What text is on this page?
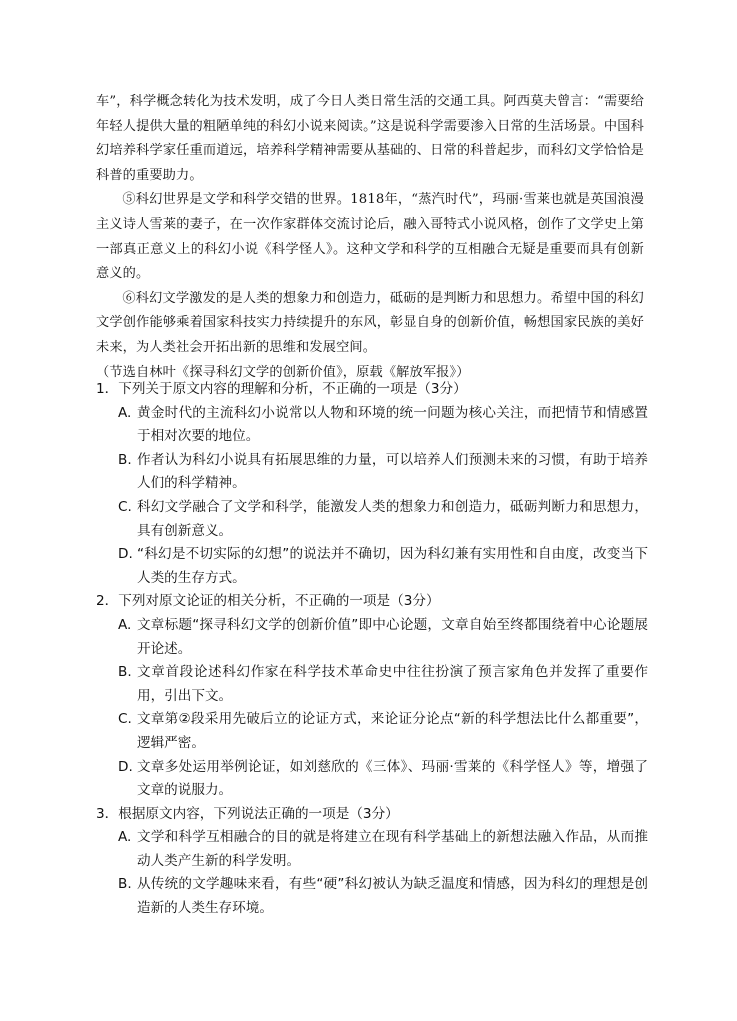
车”，科学概念转化为技术发明，成了今日人类日常生活的交通工具。阿西莫夫曾言：“需要给年轻人提供大量的粗陋单纯的科幻小说来阅读。”这是说科学需要渗入日常的生活场景。中国科幻培养科学家任重而道远，培养科学精神需要从基础的、日常的科普起步，而科幻文学恰恰是科普的重要助力。

⑤科幻世界是文学和科学交错的世界。1818年，“蒸汽时代”，玛丽·雪莱也就是英国浪漫主义诗人雪莱的妻子，在一次作家群体交流讨论后，融入哥特式小说风格，创作了文学史上第一部真正意义上的科幻小说《科学怪人》。这种文学和科学的互相融合无疑是重要而具有创新意义的。

⑥科幻文学激发的是人类的想象力和创造力，砥砺的是判断力和思想力。希望中国的科幻文学创作能够乘着国家科技实力持续提升的东风，彰显自身的创新价值，畅想国家民族的美好未来，为人类社会开拓出新的思维和发展空间。

（节选自林叶《探寻科幻文学的创新价值》，原载《解放军报》）

1．下列关于原文内容的理解和分析，不正确的一项是（3分）

A. 黄金时代的主流科幻小说常以人物和环境的统一问题为核心关注，而把情节和情感置于相对次要的地位。
B. 作者认为科幻小说具有拓展思维的力量，可以培养人们预测未来的习惯，有助于培养人们的科学精神。
C. 科幻文学融合了文学和科学，能激发人类的想象力和创造力，砥砺判断力和思想力，具有创新意义。
D. “科幻是不切实际的幻想”的说法并不确切，因为科幻兼有实用性和自由度，改变当下人类的生存方式。

2．下列对原文论证的相关分析，不正确的一项是（3分）

A. 文章标题“探寻科幻文学的创新价值”即中心论题，文章自始至终都围绕着中心论题展开论述。
B. 文章首段论述科幻作家在科学技术革命史中往往扮演了预言家角色并发挥了重要作用，引出下文。
C. 文章第②段采用先破后立的论证方式，来论证分论点“新的科学想法比什么都重要”，逻辑严密。
D. 文章多处运用举例论证，如刘慈欣的《三体》、玛丽·雪莱的《科学怪人》等，增强了文章的说服力。

3．根据原文内容，下列说法正确的一项是（3分）

A. 文学和科学互相融合的目的就是将建立在现有科学基础上的新想法融入作品，从而推动人类产生新的科学发明。
B. 从传统的文学趣味来看，有些“硬”科幻被认为缺乏温度和情感，因为科幻的理想是创造新的人类生存环境。
